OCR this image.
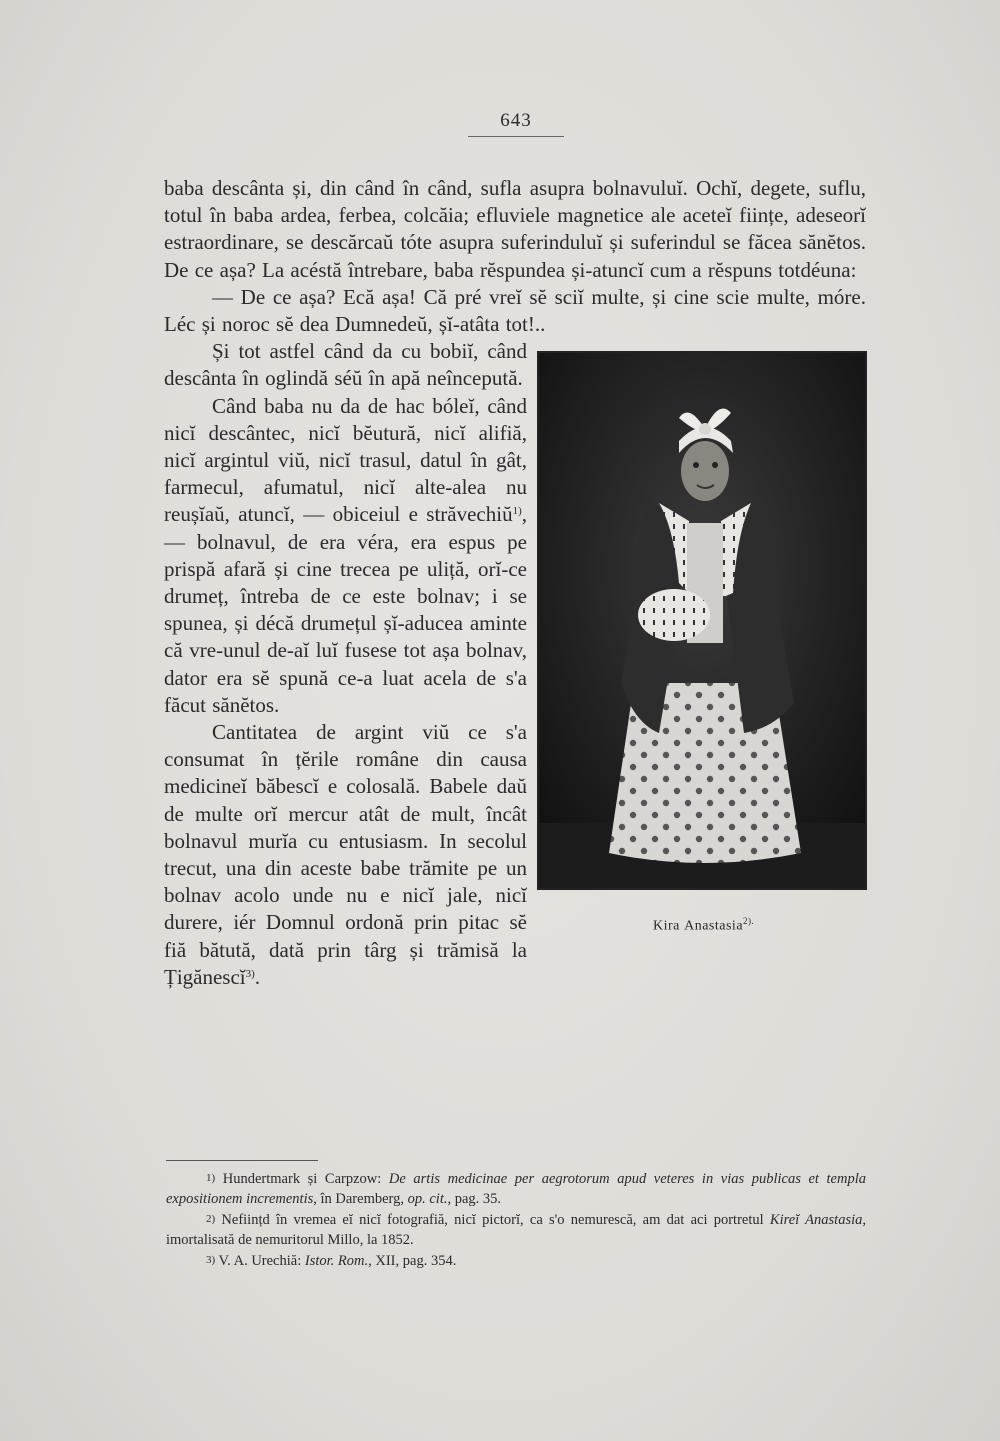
643

baba descânta și, din când în când, sufla asupra bolnavuluĭ. Ochĭ, degete, suflu, totul în baba ardea, ferbea, colcăia; efluviele magnetice ale aceteĭ ființe, adeseorĭ estraordinare, se descărcaŭ tóte asupra suferinduluĭ și suferindul se făcea sănĕtos. De ce așa? La acéstă întrebare, baba rĕspundea și-atuncĭ cum a rĕspuns totdéuna:

— De ce așa? Ecă așa! Că pré vreĭ sĕ sciĭ multe, și cine scie multe, móre. Léc și noroc sĕ dea Dumnedeŭ, șĭ-atâta tot!..

Kira Anastasia$^{2).}$

Și tot astfel când da cu bobiĭ, când descânta în oglindă séŭ în apă neîncepută.

Când baba nu da de hac bóleĭ, când nicĭ descântec, nicĭ bĕutură, nicĭ alifiă, nicĭ argintul viŭ, nicĭ trasul, datul în gât, farmecul, afumatul, nicĭ alte-alea nu reușĭaŭ, atuncĭ, — obiceiul e străvechiŭ$^{1)}$, — bolnavul, de era véra, era espus pe prispă afară și cine trecea pe uliță, orĭ-ce drumeț, întreba de ce este bolnav; i se spunea, și décă drumețul șĭ-aducea aminte că vre-unul de-aĭ luĭ fusese tot așa bolnav, dator era sĕ spună ce-a luat acela de s'a făcut sănĕtos.

Cantitatea de argint viŭ ce s'a consumat în țĕrile române din causa medicineĭ băbescĭ e colosală. Babele daŭ de multe orĭ mercur atât de mult, încât bolnavul murĭa cu entusiasm. In secolul trecut, una din aceste babe trămite pe un bolnav acolo unde nu e nicĭ jale, nicĭ durere, iér Domnul ordonă prin pitac sĕ fiă bătută, dată prin târg și trămisă la Țigănescĭ$^{3)}$.

1) Hundertmark și Carpzow: De artis medicinae per aegrotorum apud veteres in vias publicas et templa expositionem incrementis, în Daremberg, op. cit., pag. 35.

2) Neființd în vremea eĭ nicĭ fotografiă, nicĭ pictorĭ, ca s'o nemurescă, am dat aci portretul Kireĭ Anastasia, imortalisată de nemuritorul Millo, la 1852.

3) V. A. Urechiă: Istor. Rom., XII, pag. 354.
